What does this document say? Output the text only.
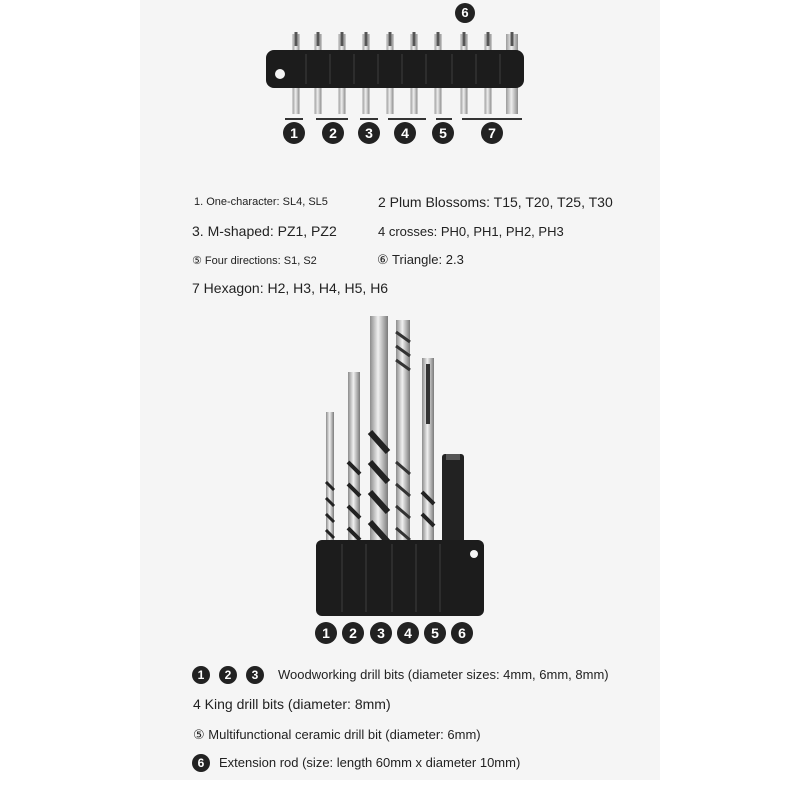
6
1	2	3	4	5	7
1. One-character: SL4, SL5	2 Plum Blossoms: T15, T20, T25, T30
3. M-shaped: PZ1, PZ2	4 crosses: PH0, PH1, PH2, PH3
⑤ Four directions: S1, S2	⑥ Triangle: 2.3
7 Hexagon: H2, H3, H4, H5, H6
1	2	3	4	5	6
1	2	3	Woodworking drill bits (diameter sizes: 4mm, 6mm, 8mm)
4 King drill bits (diameter: 8mm)
⑤ Multifunctional ceramic drill bit (diameter: 6mm)
6	Extension rod (size: length 60mm x diameter 10mm)
